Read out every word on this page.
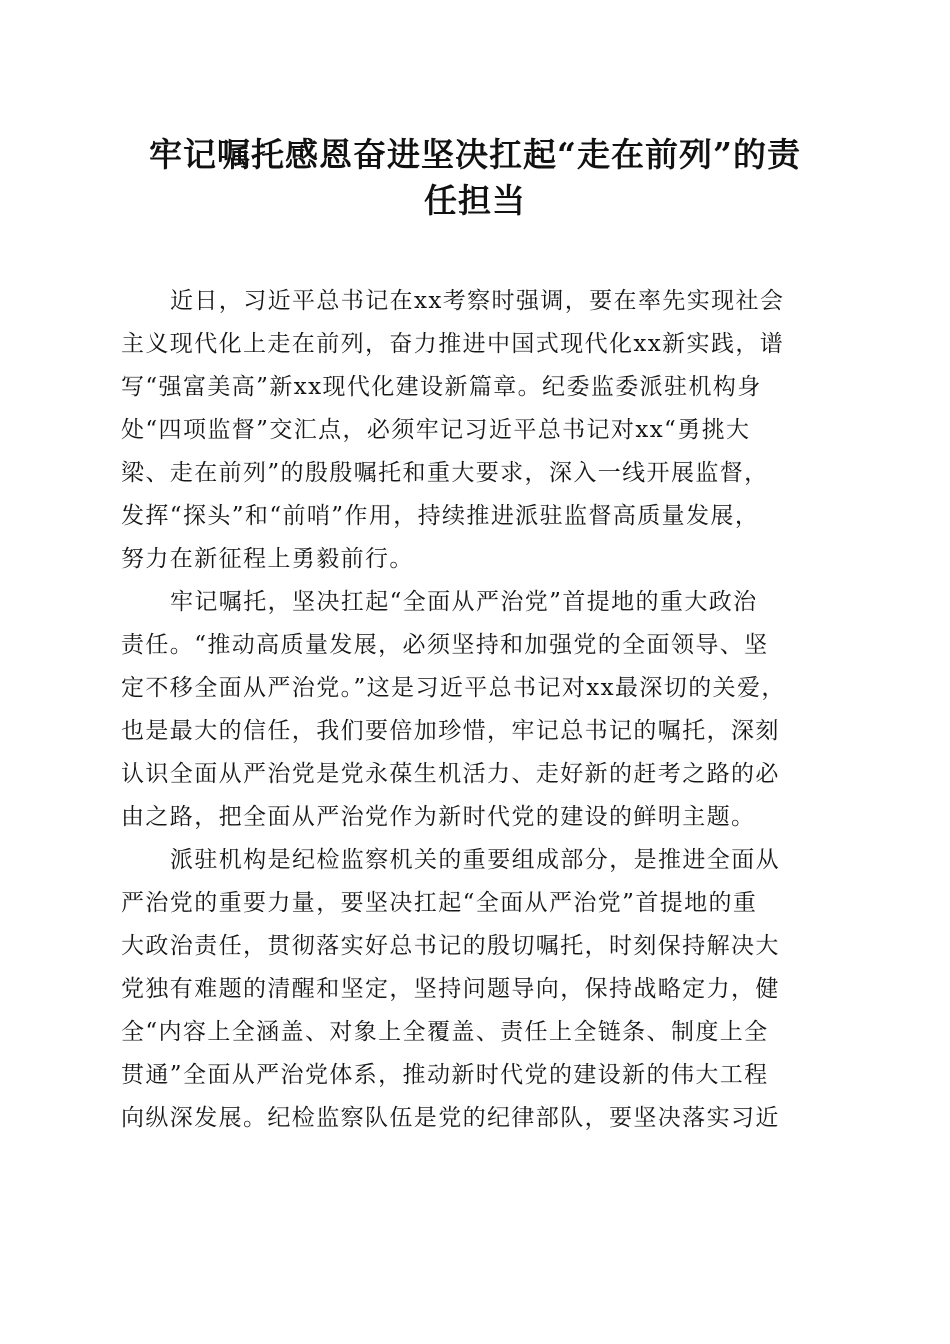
牢记嘱托感恩奋进坚决扛起“走在前列”的责
任担当

近日，习近平总书记在xx考察时强调，要在率先实现社会
主义现代化上走在前列，奋力推进中国式现代化xx新实践，谱
写“强富美高”新xx现代化建设新篇章。纪委监委派驻机构身
处“四项监督”交汇点，必须牢记习近平总书记对xx“勇挑大
梁、走在前列”的殷殷嘱托和重大要求，深入一线开展监督，
发挥“探头”和“前哨”作用，持续推进派驻监督高质量发展，
努力在新征程上勇毅前行。

牢记嘱托，坚决扛起“全面从严治党”首提地的重大政治
责任。“推动高质量发展，必须坚持和加强党的全面领导、坚
定不移全面从严治党。”这是习近平总书记对xx最深切的关爱，
也是最大的信任，我们要倍加珍惜，牢记总书记的嘱托，深刻
认识全面从严治党是党永葆生机活力、走好新的赶考之路的必
由之路，把全面从严治党作为新时代党的建设的鲜明主题。

派驻机构是纪检监察机关的重要组成部分，是推进全面从
严治党的重要力量，要坚决扛起“全面从严治党”首提地的重
大政治责任，贯彻落实好总书记的殷切嘱托，时刻保持解决大
党独有难题的清醒和坚定，坚持问题导向，保持战略定力，健
全“内容上全涵盖、对象上全覆盖、责任上全链条、制度上全
贯通”全面从严治党体系，推动新时代党的建设新的伟大工程
向纵深发展。纪检监察队伍是党的纪律部队，要坚决落实习近
